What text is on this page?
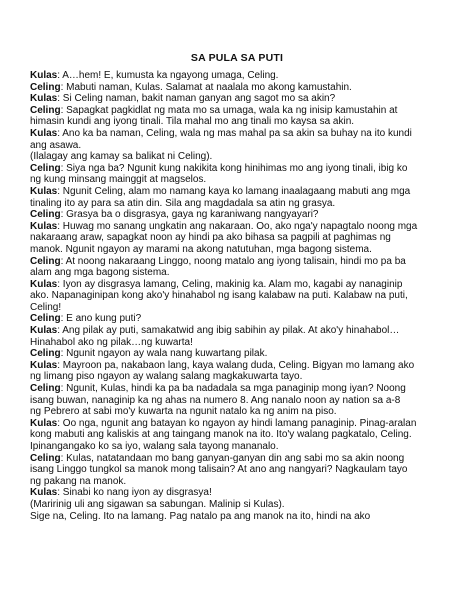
SA PULA SA PUTI
Kulas: A…hem! E, kumusta ka ngayong umaga, Celing.
Celing: Mabuti naman, Kulas. Salamat at naalala mo akong kamustahin.
Kulas: Si Celing naman, bakit naman ganyan ang sagot mo sa akin?
Celing: Sapagkat pagkidlat ng mata mo sa umaga, wala ka ng inisip kamustahin at
himasin kundi ang iyong tinali. Tila mahal mo ang tinali mo kaysa sa akin.
Kulas: Ano ka ba naman, Celing, wala ng mas mahal pa sa akin sa buhay na ito kundi
ang asawa.
(Ilalagay ang kamay sa balikat ni Celing).
Celing: Siya nga ba? Ngunit kung nakikita kong hinihimas mo ang iyong tinali, ibig ko
ng kung minsang mainggit at magselos.
Kulas: Ngunit Celing, alam mo namang kaya ko lamang inaalagaang mabuti ang mga
tinaling ito ay para sa atin din. Sila ang magdadala sa atin ng grasya.
Celing: Grasya ba o disgrasya, gaya ng karaniwang nangyayari?
Kulas: Huwag mo sanang ungkatin ang nakaraan. Oo, ako nga'y napagtalo noong mga
nakaraang araw, sapagkat noon ay hindi pa ako bihasa sa pagpili at paghimas ng
manok. Ngunit ngayon ay marami na akong natutuhan, mga bagong sistema.
Celing: At noong nakaraang Linggo, noong matalo ang iyong talisain, hindi mo pa ba
alam ang mga bagong sistema.
Kulas: Iyon ay disgrasya lamang, Celing, makinig ka. Alam mo, kagabi ay nanaginip
ako. Napanaginipan kong ako'y hinahabol ng isang kalabaw na puti. Kalabaw na puti,
Celing!
Celing: E ano kung puti?
Kulas: Ang pilak ay puti, samakatwid ang ibig sabihin ay pilak. At ako'y hinahabol…
Hinahabol ako ng pilak…ng kuwarta!
Celing: Ngunit ngayon ay wala nang kuwartang pilak.
Kulas: Mayroon pa, nakabaon lang, kaya walang duda, Celing. Bigyan mo lamang ako
ng limang piso ngayon ay walang salang magkakuwarta tayo.
Celing: Ngunit, Kulas, hindi ka pa ba nadadala sa mga panaginip mong iyan? Noong
isang buwan, nanaginip ka ng ahas na numero 8. Ang nanalo noon ay nation sa a-8
ng Pebrero at sabi mo'y kuwarta na ngunit natalo ka ng anim na piso.
Kulas: Oo nga, ngunit ang batayan ko ngayon ay hindi lamang panaginip. Pinag-aralan
kong mabuti ang kaliskis at ang taingang manok na ito. Ito'y walang pagkatalo, Celing.
Ipinangangako ko sa iyo, walang sala tayong mananalo.
Celing: Kulas, natatandaan mo bang ganyan-ganyan din ang sabi mo sa akin noong
isang Linggo tungkol sa manok mong talisain? At ano ang nangyari? Nagkaulam tayo
ng pakang na manok.
Kulas: Sinabi ko nang iyon ay disgrasya!
(Maririnig uli ang sigawan sa sabungan. Malinip si Kulas).
Sige na, Celing. Ito na lamang. Pag natalo pa ang manok na ito, hindi na ako
